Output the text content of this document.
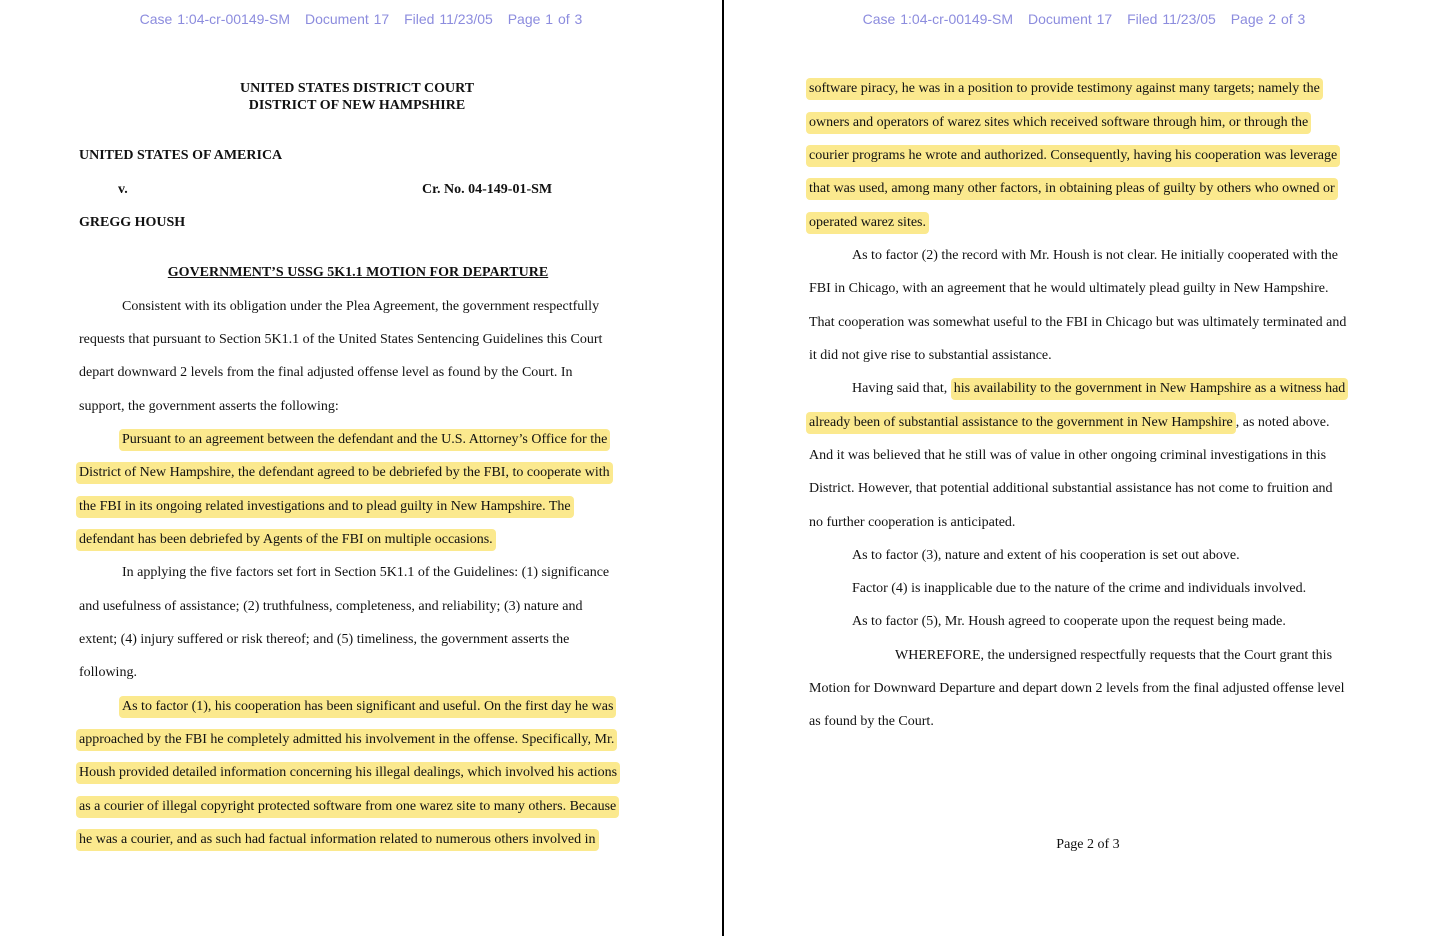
Case 1:04-cr-00149-SM Document 17 Filed 11/23/05 Page 1 of 3
UNITED STATES DISTRICT COURT
DISTRICT OF NEW HAMPSHIRE
UNITED STATES OF AMERICA
v.	Cr. No. 04-149-01-SM
GREGG HOUSH
GOVERNMENT’S USSG 5K1.1 MOTION FOR DEPARTURE
Consistent with its obligation under the Plea Agreement, the government respectfully
requests that pursuant to Section 5K1.1 of the United States Sentencing Guidelines this Court
depart downward 2 levels from the final adjusted offense level as found by the Court. In
support, the government asserts the following:
Pursuant to an agreement between the defendant and the U.S. Attorney’s Office for the
District of New Hampshire, the defendant agreed to be debriefed by the FBI, to cooperate with
the FBI in its ongoing related investigations and to plead guilty in New Hampshire. The
defendant has been debriefed by Agents of the FBI on multiple occasions.
In applying the five factors set fort in Section 5K1.1 of the Guidelines: (1) significance
and usefulness of assistance; (2) truthfulness, completeness, and reliability; (3) nature and
extent; (4) injury suffered or risk thereof; and (5) timeliness, the government asserts the
following.
As to factor (1), his cooperation has been significant and useful. On the first day he was
approached by the FBI he completely admitted his involvement in the offense. Specifically, Mr.
Housh provided detailed information concerning his illegal dealings, which involved his actions
as a courier of illegal copyright protected software from one warez site to many others. Because
he was a courier, and as such had factual information related to numerous others involved in
Case 1:04-cr-00149-SM Document 17 Filed 11/23/05 Page 2 of 3
software piracy, he was in a position to provide testimony against many targets; namely the
owners and operators of warez sites which received software through him, or through the
courier programs he wrote and authorized. Consequently, having his cooperation was leverage
that was used, among many other factors, in obtaining pleas of guilty by others who owned or
operated warez sites.
As to factor (2) the record with Mr. Housh is not clear. He initially cooperated with the
FBI in Chicago, with an agreement that he would ultimately plead guilty in New Hampshire.
That cooperation was somewhat useful to the FBI in Chicago but was ultimately terminated and
it did not give rise to substantial assistance.
Having said that, his availability to the government in New Hampshire as a witness had
already been of substantial assistance to the government in New Hampshire , as noted above.
And it was believed that he still was of value in other ongoing criminal investigations in this
District. However, that potential additional substantial assistance has not come to fruition and
no further cooperation is anticipated.
As to factor (3), nature and extent of his cooperation is set out above.
Factor (4) is inapplicable due to the nature of the crime and individuals involved.
As to factor (5), Mr. Housh agreed to cooperate upon the request being made.
WHEREFORE, the undersigned respectfully requests that the Court grant this
Motion for Downward Departure and depart down 2 levels from the final adjusted offense level
as found by the Court.
Page 2 of 3
